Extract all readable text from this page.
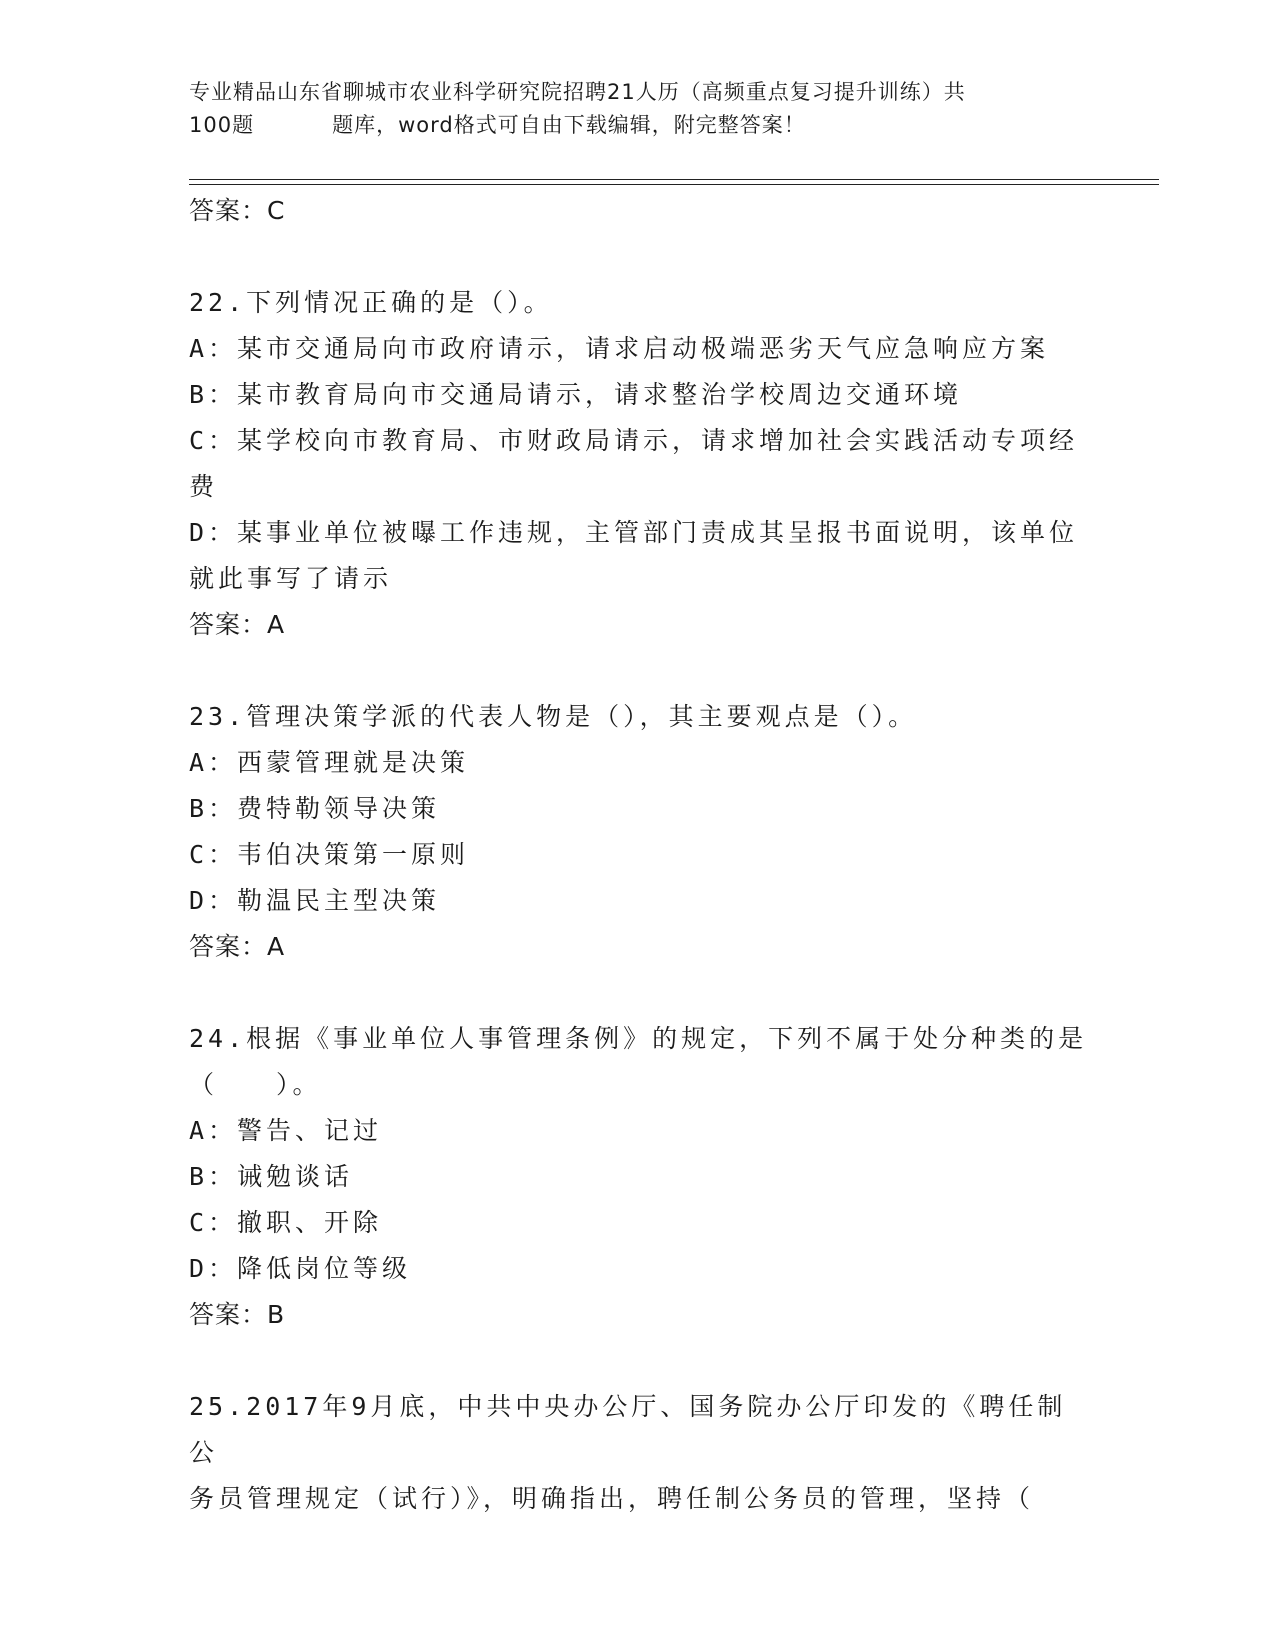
专业精品山东省聊城市农业科学研究院招聘21人历（高频重点复习提升训练）共
100题	题库，word格式可自由下载编辑，附完整答案！
答案：C
22.下列情况正确的是（）。
A：某市交通局向市政府请示，请求启动极端恶劣天气应急响应方案
B：某市教育局向市交通局请示，请求整治学校周边交通环境
C：某学校向市教育局、市财政局请示，请求增加社会实践活动专项经
费
D：某事业单位被曝工作违规，主管部门责成其呈报书面说明，该单位
就此事写了请示
答案：A
23.管理决策学派的代表人物是（），其主要观点是（）。
A：西蒙管理就是决策
B：费特勒领导决策
C：韦伯决策第一原则
D：勒温民主型决策
答案：A
24.根据《事业单位人事管理条例》的规定，下列不属于处分种类的是
（　　）。
A：警告、记过
B：诫勉谈话
C：撤职、开除
D：降低岗位等级
答案：B
25.2017年9月底，中共中央办公厅、国务院办公厅印发的《聘任制公
务员管理规定（试行）》，明确指出，聘任制公务员的管理，坚持（
